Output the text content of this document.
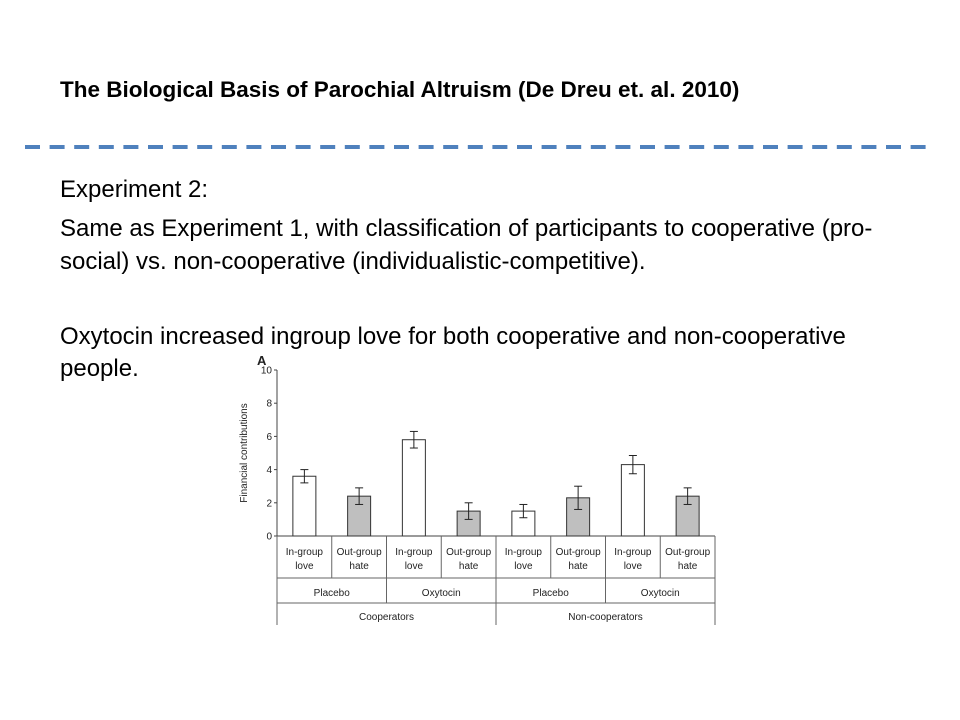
The Biological Basis of Parochial Altruism (De Dreu et. al. 2010)
Experiment 2:
Same as Experiment 1, with classification of participants to cooperative (pro-
social) vs. non-cooperative (individualistic-competitive).
Oxytocin increased ingroup love for both cooperative and non-cooperative
people.	A
Financial contributions
0
2
4
6
8
10
In-group
love
Out-group
hate
In-group
love
Out-group
hate
In-group
love
Out-group
hate
In-group
love
Out-group
hate
Placebo	Oxytocin	Placebo	Oxytocin
Cooperators	Non-cooperators
